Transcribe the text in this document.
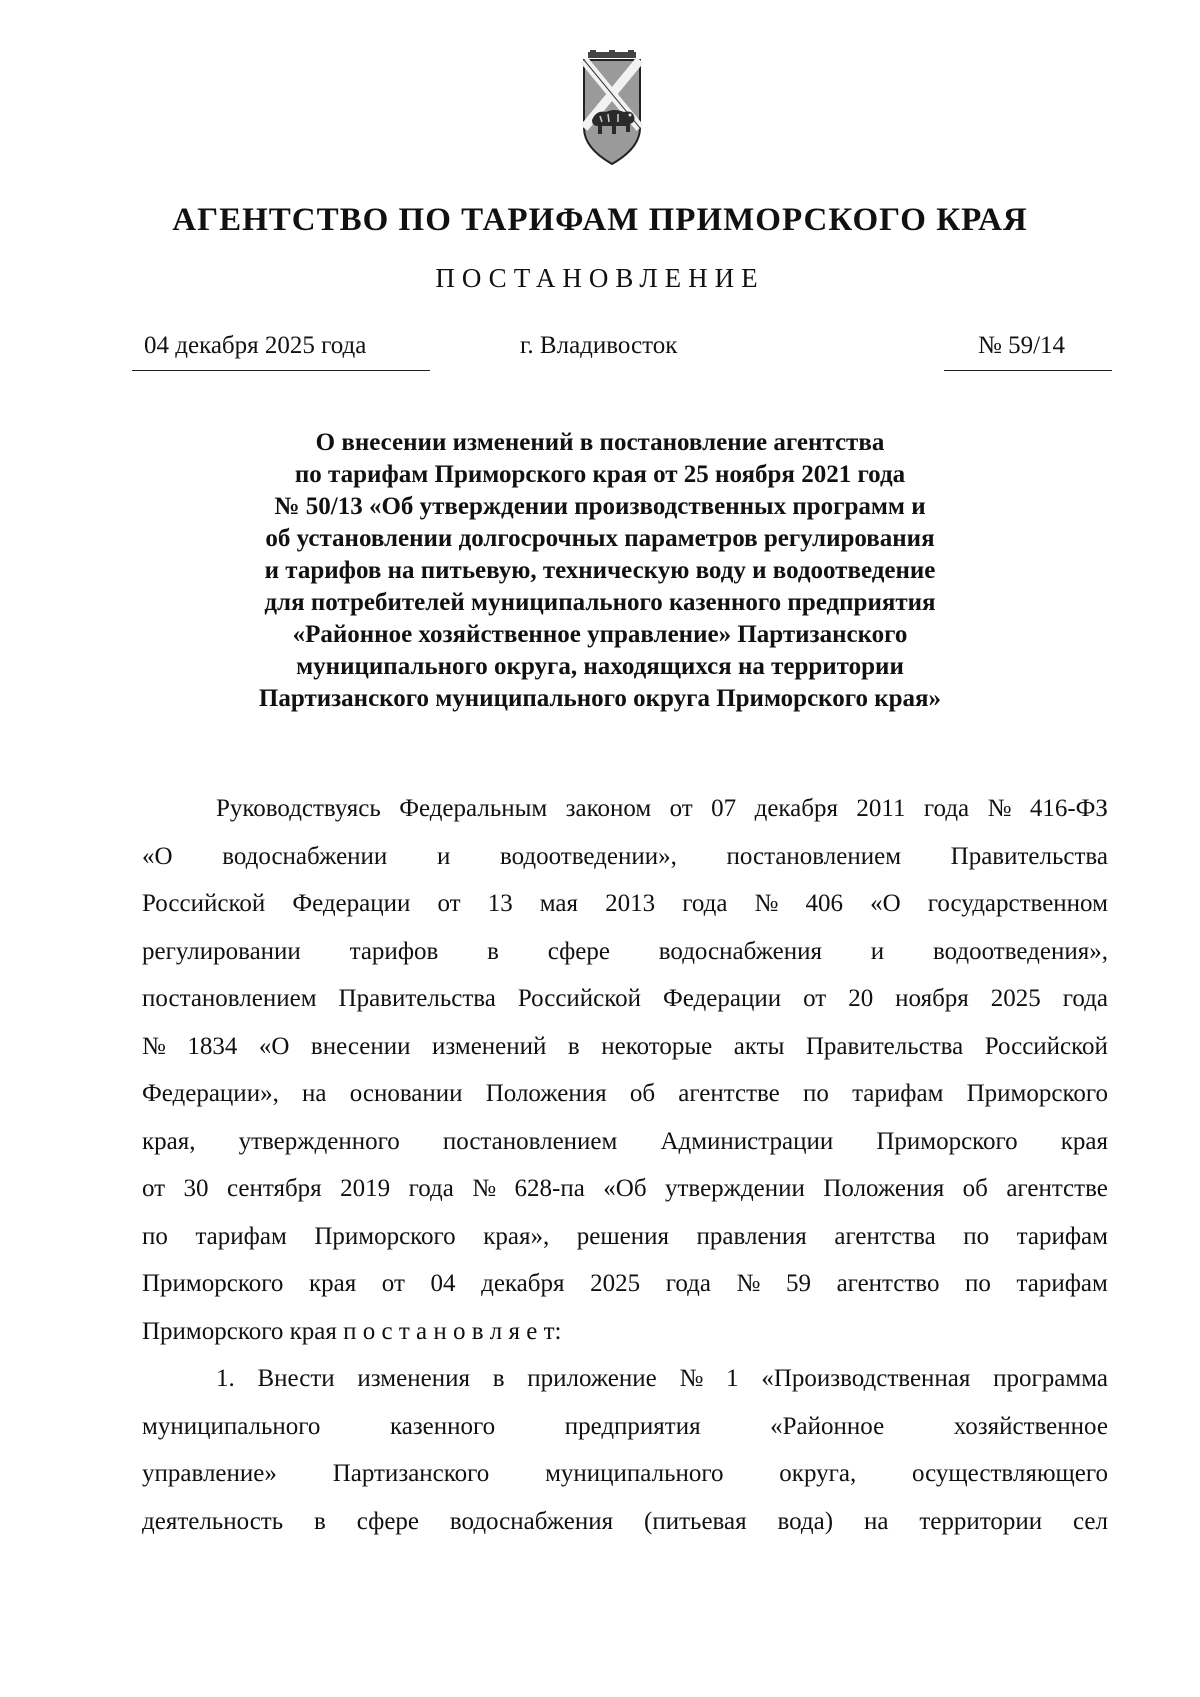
АГЕНТСТВО ПО ТАРИФАМ ПРИМОРСКОГО КРАЯ
ПОСТАНОВЛЕНИЕ
04 декабря 2025 года	г. Владивосток	№ 59/14
О внесении изменений в постановление агентства
по тарифам Приморского края от 25 ноября 2021 года
№ 50/13 «Об утверждении производственных программ и
об установлении долгосрочных параметров регулирования
и тарифов на питьевую, техническую воду и водоотведение
для потребителей муниципального казенного предприятия
«Районное хозяйственное управление» Партизанского
муниципального округа, находящихся на территории
Партизанского муниципального округа Приморского края»
Руководствуясь Федеральным законом от 07 декабря 2011 года № 416-ФЗ
«О водоснабжении и водоотведении», постановлением Правительства
Российской Федерации от 13 мая 2013 года № 406 «О государственном
регулировании тарифов в сфере водоснабжения и водоотведения»,
постановлением Правительства Российской Федерации от 20 ноября 2025 года
№ 1834 «О внесении изменений в некоторые акты Правительства Российской
Федерации», на основании Положения об агентстве по тарифам Приморского
края, утвержденного постановлением Администрации Приморского края
от 30 сентября 2019 года № 628-па «Об утверждении Положения об агентстве
по тарифам Приморского края», решения правления агентства по тарифам
Приморского края от 04 декабря 2025 года № 59 агентство по тарифам
Приморского края п о с т а н о в л я е т:
1. Внести изменения в приложение № 1 «Производственная программа
муниципального	казенного	предприятия	«Районное	хозяйственное
управление» Партизанского муниципального округа, осуществляющего
деятельность в сфере водоснабжения (питьевая вода) на территории сел
